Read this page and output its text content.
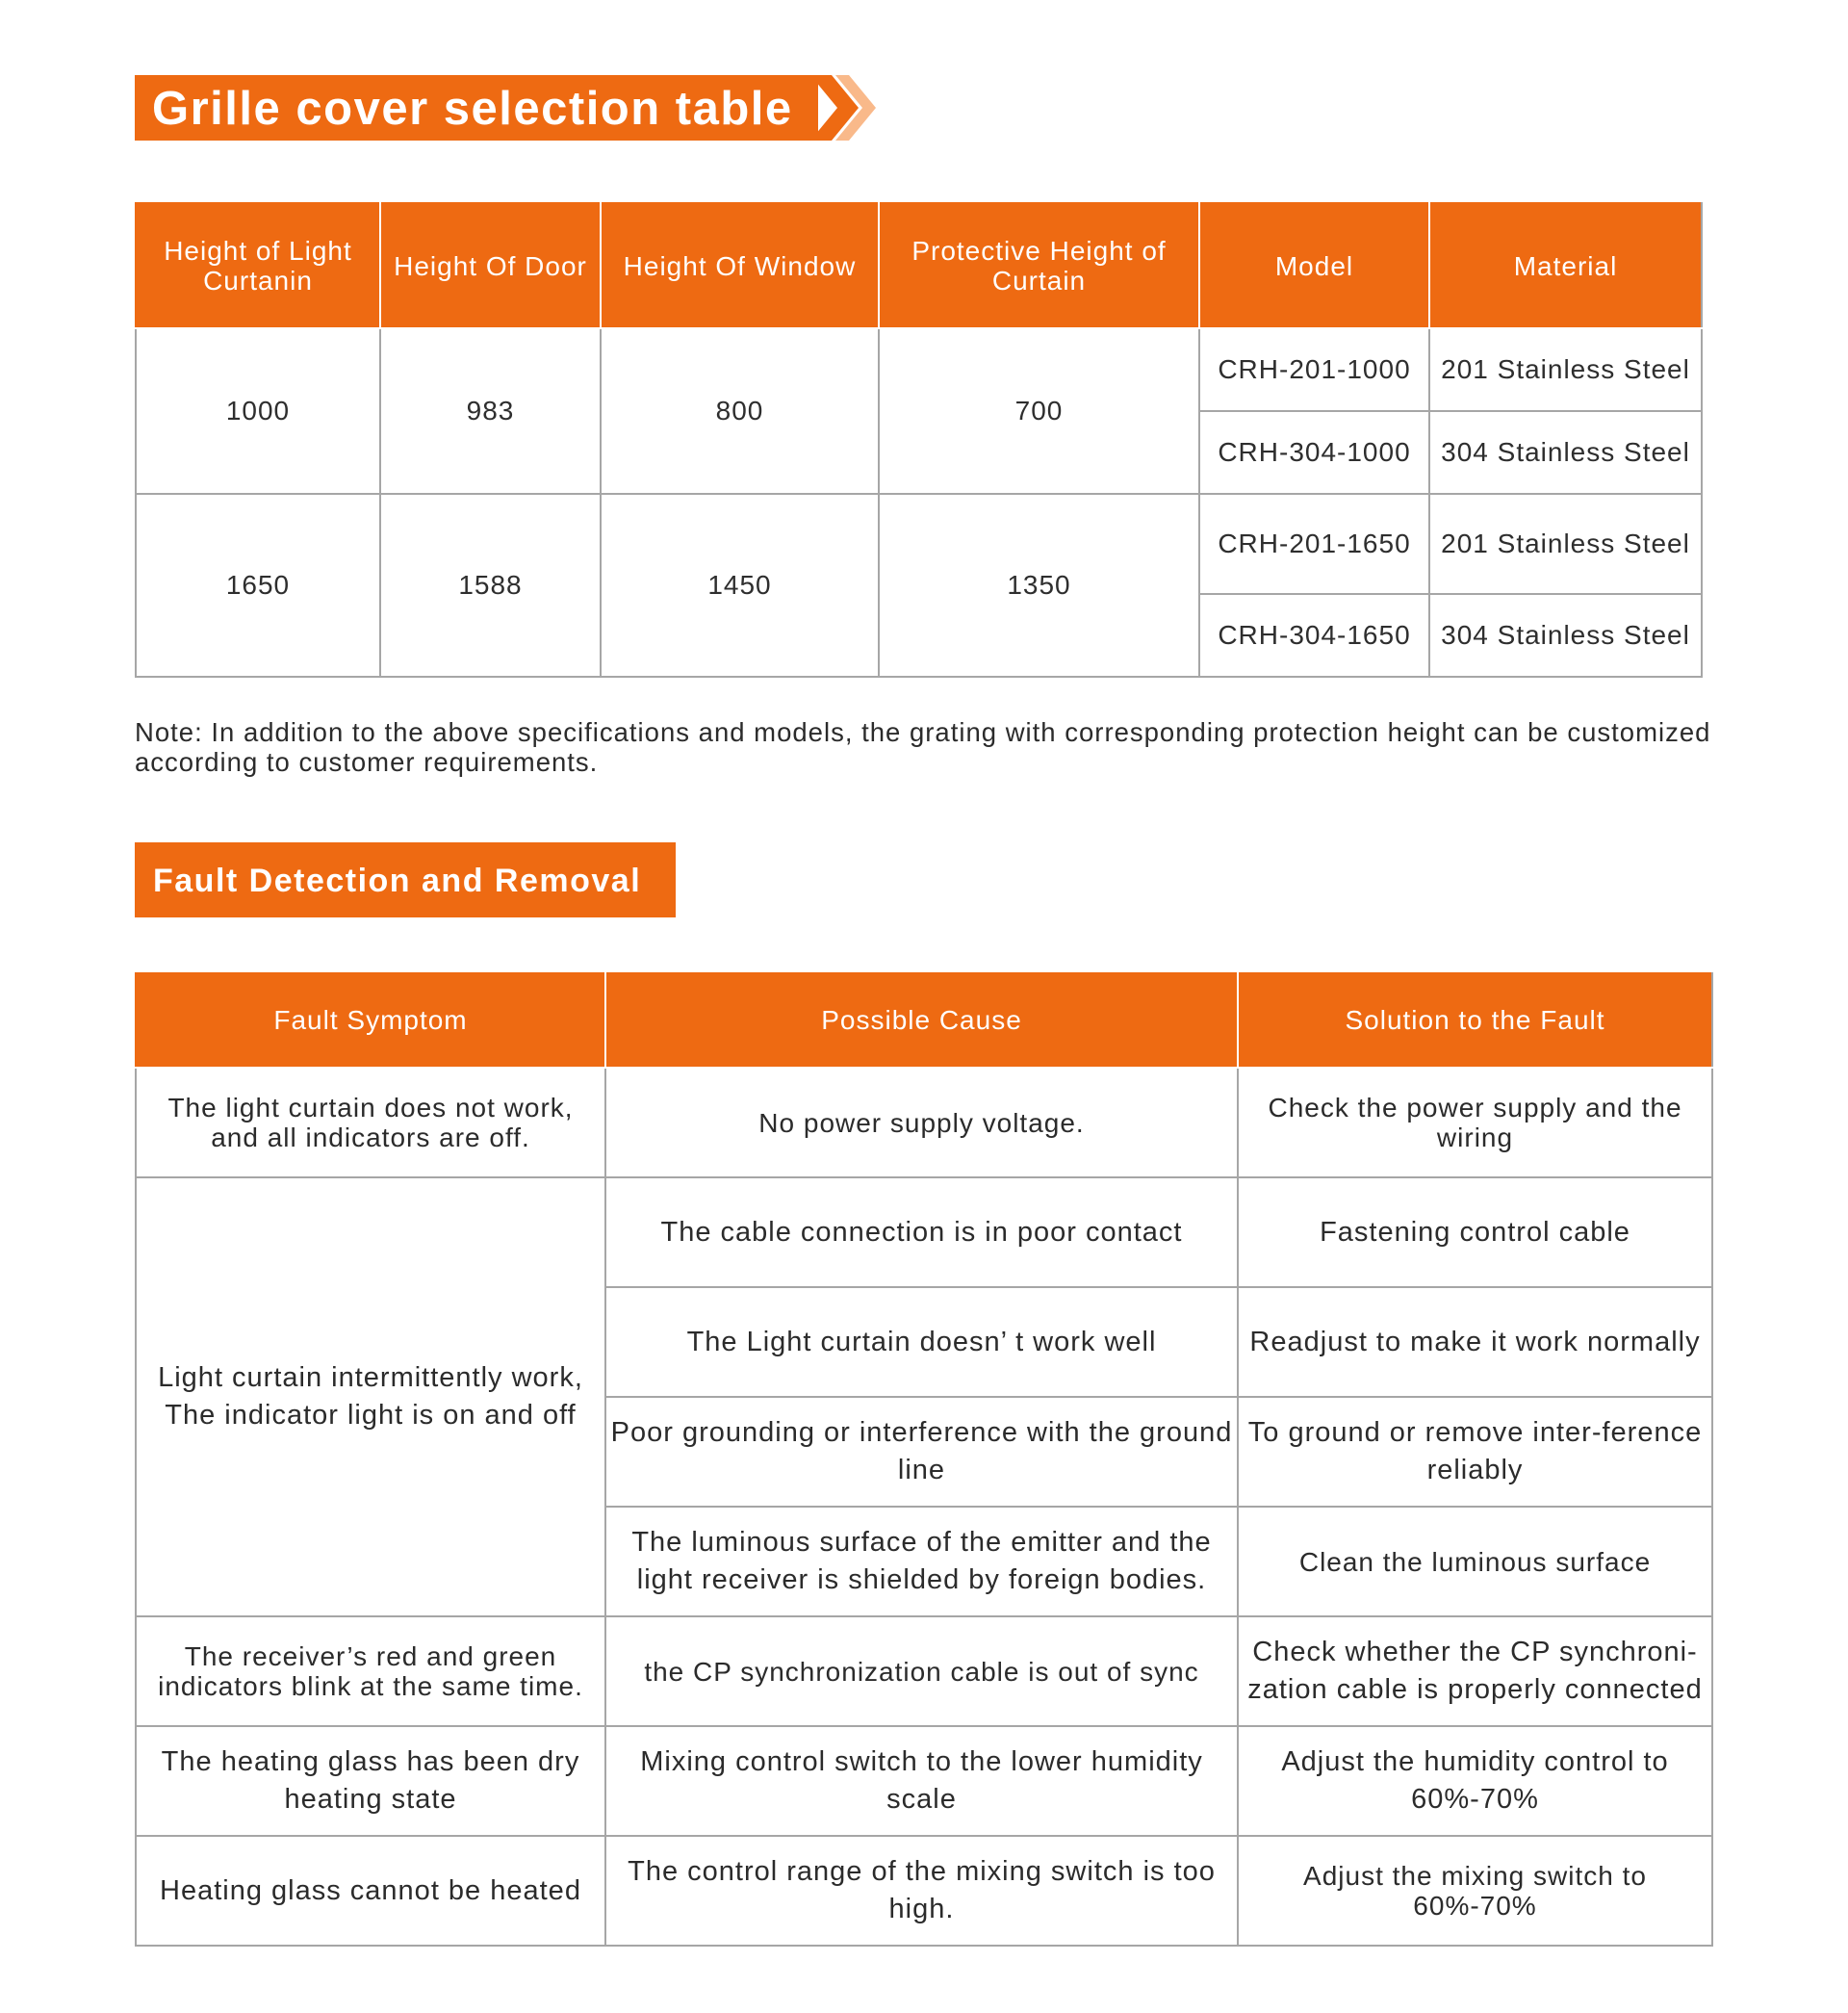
Grille cover selection table
Height of Light Curtanin	Height Of Door	Height Of Window	Protective Height of Curtain	Model	Material
1000	983	800	700	CRH-201-1000	201 Stainless Steel
				CRH-304-1000	304 Stainless Steel
1650	1588	1450	1350	CRH-201-1650	201 Stainless Steel
				CRH-304-1650	304 Stainless Steel
Note: In addition to the above specifications and models, the grating with corresponding protection height can be customized according to customer requirements.
Fault Detection and Removal
Fault Symptom	Possible Cause	Solution to the Fault
The light curtain does not work, and all indicators are off.	No power supply voltage.	Check the power supply and the wiring
Light curtain intermittently work, The indicator light is on and off	The cable connection is in poor contact	Fastening control cable
	The Light curtain doesn’ t work well	Readjust to make it work normally
	Poor grounding or interference with the ground line	To ground or remove inter-ference reliably
	The luminous surface of the emitter and the light receiver is shielded by foreign bodies.	Clean the luminous surface
The receiver’s red and green indicators blink at the same time.	the CP synchronization cable is out of sync	Check whether the CP synchroni-zation cable is properly connected
The heating glass has been dry heating state	Mixing control switch to the lower humidity scale	Adjust the humidity control to 60%-70%
Heating glass cannot be heated	The control range of the mixing switch is too high.	Adjust the mixing switch to 60%-70%
